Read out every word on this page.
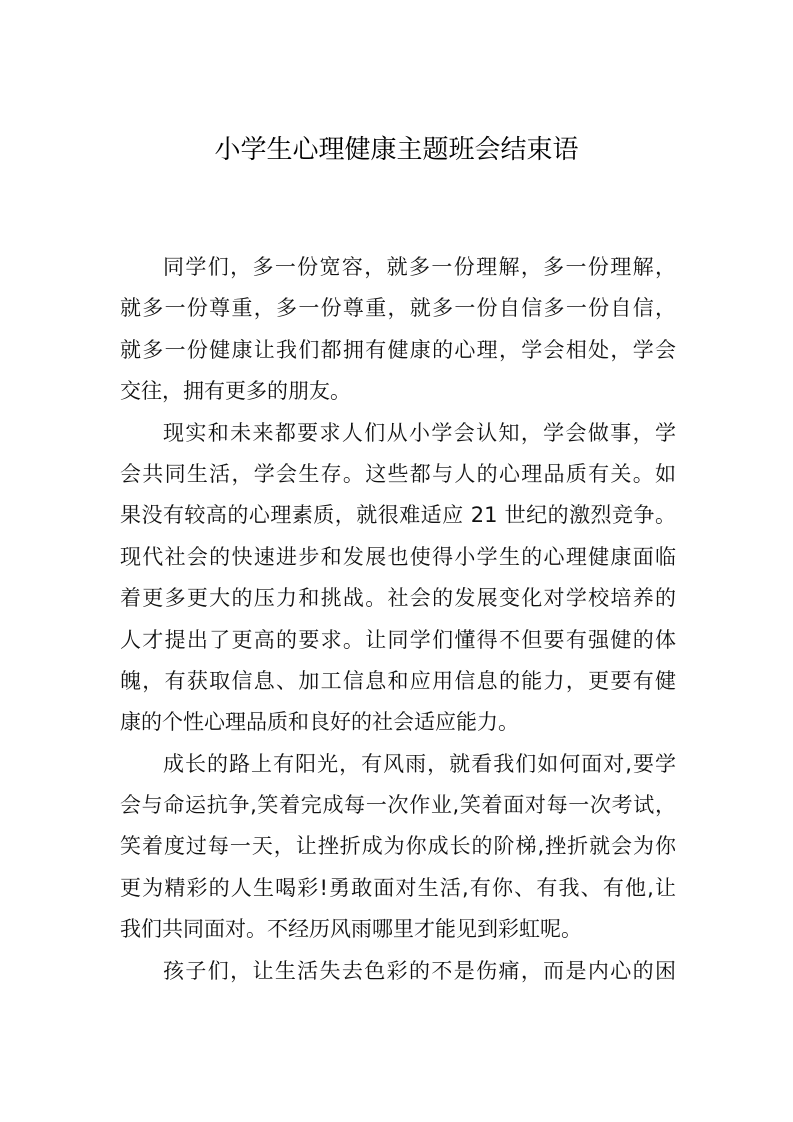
小学生心理健康主题班会结束语
同学们，多一份宽容，就多一份理解，多一份理解，
就多一份尊重，多一份尊重，就多一份自信多一份自信，
就多一份健康让我们都拥有健康的心理，学会相处，学会
交往，拥有更多的朋友。
现实和未来都要求人们从小学会认知，学会做事，学
会共同生活，学会生存。这些都与人的心理品质有关。如
果没有较高的心理素质，就很难适应 21 世纪的激烈竞争。
现代社会的快速进步和发展也使得小学生的心理健康面临
着更多更大的压力和挑战。社会的发展变化对学校培养的
人才提出了更高的要求。让同学们懂得不但要有强健的体
魄，有获取信息、加工信息和应用信息的能力，更要有健
康的个性心理品质和良好的社会适应能力。
成长的路上有阳光，有风雨，就看我们如何面对,要学
会与命运抗争,笑着完成每一次作业,笑着面对每一次考试，
笑着度过每一天，让挫折成为你成长的阶梯,挫折就会为你
更为精彩的人生喝彩!勇敢面对生活,有你、有我、有他,让
我们共同面对。不经历风雨哪里才能见到彩虹呢。
孩子们，让生活失去色彩的不是伤痛，而是内心的困
